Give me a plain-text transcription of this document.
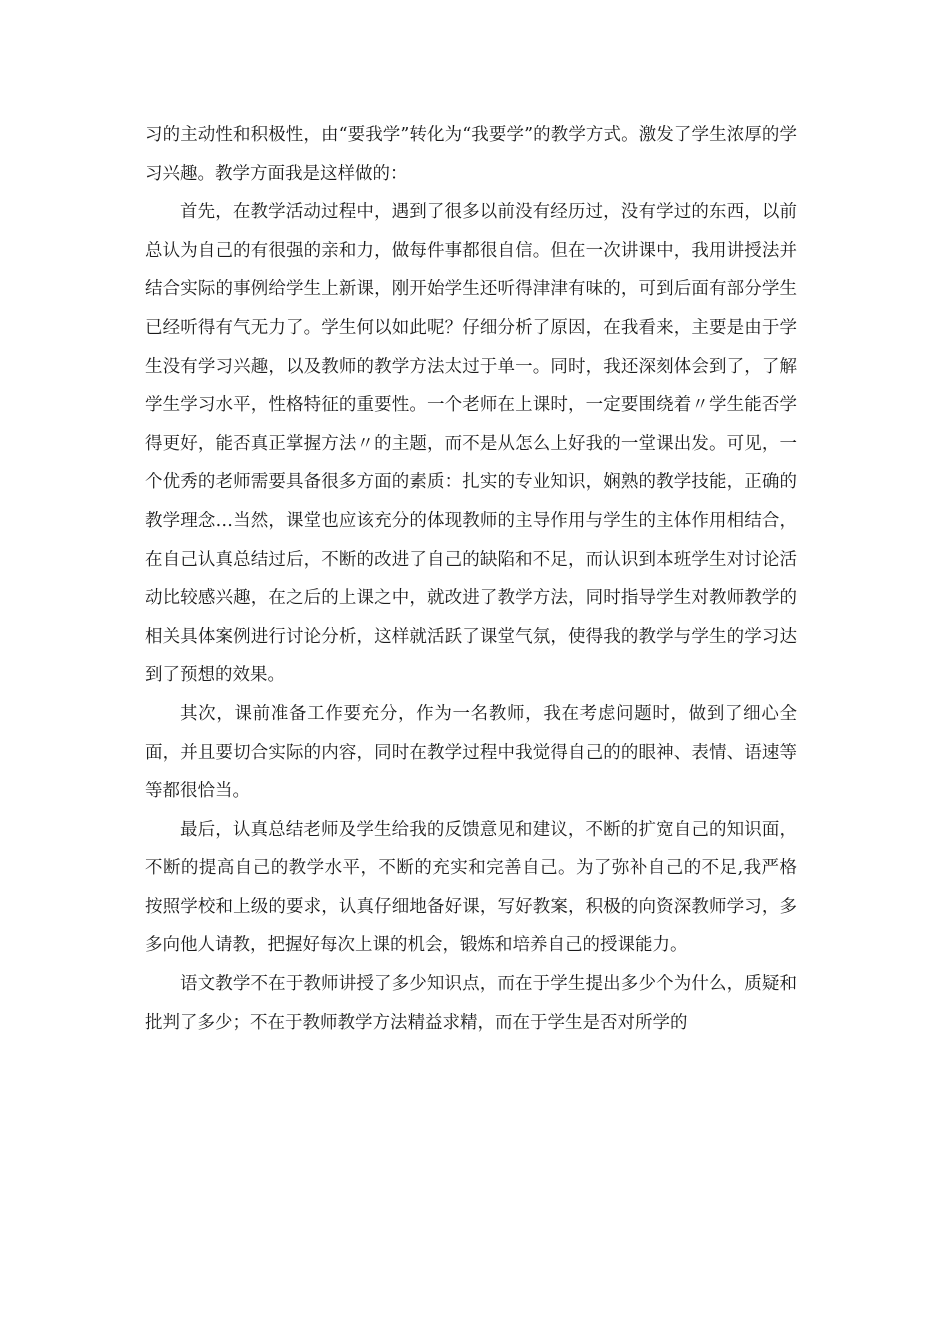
习的主动性和积极性，由“要我学”转化为“我要学”的教学方式。激发了学生浓厚的学习兴趣。教学方面我是这样做的：

首先，在教学活动过程中，遇到了很多以前没有经历过，没有学过的东西，以前总认为自己的有很强的亲和力，做每件事都很自信。但在一次讲课中，我用讲授法并结合实际的事例给学生上新课，刚开始学生还听得津津有味的，可到后面有部分学生已经听得有气无力了。学生何以如此呢？仔细分析了原因，在我看来，主要是由于学生没有学习兴趣，以及教师的教学方法太过于单一。同时，我还深刻体会到了，了解学生学习水平，性格特征的重要性。一个老师在上课时，一定要围绕着〃学生能否学得更好，能否真正掌握方法〃的主题，而不是从怎么上好我的一堂课出发。可见，一个优秀的老师需要具备很多方面的素质：扎实的专业知识，娴熟的教学技能，正确的教学理念…当然，课堂也应该充分的体现教师的主导作用与学生的主体作用相结合，在自己认真总结过后，不断的改进了自己的缺陷和不足，而认识到本班学生对讨论活动比较感兴趣，在之后的上课之中，就改进了教学方法，同时指导学生对教师教学的相关具体案例进行讨论分析，这样就活跃了课堂气氛，使得我的教学与学生的学习达到了预想的效果。

其次，课前准备工作要充分，作为一名教师，我在考虑问题时，做到了细心全面，并且要切合实际的内容，同时在教学过程中我觉得自己的的眼神、表情、语速等等都很恰当。

最后，认真总结老师及学生给我的反馈意见和建议，不断的扩宽自己的知识面，不断的提高自己的教学水平，不断的充实和完善自己。为了弥补自己的不足,我严格按照学校和上级的要求，认真仔细地备好课，写好教案，积极的向资深教师学习，多多向他人请教，把握好每次上课的机会，锻炼和培养自己的授课能力。

语文教学不在于教师讲授了多少知识点，而在于学生提出多少个为什么，质疑和批判了多少；不在于教师教学方法精益求精，而在于学生是否对所学的
